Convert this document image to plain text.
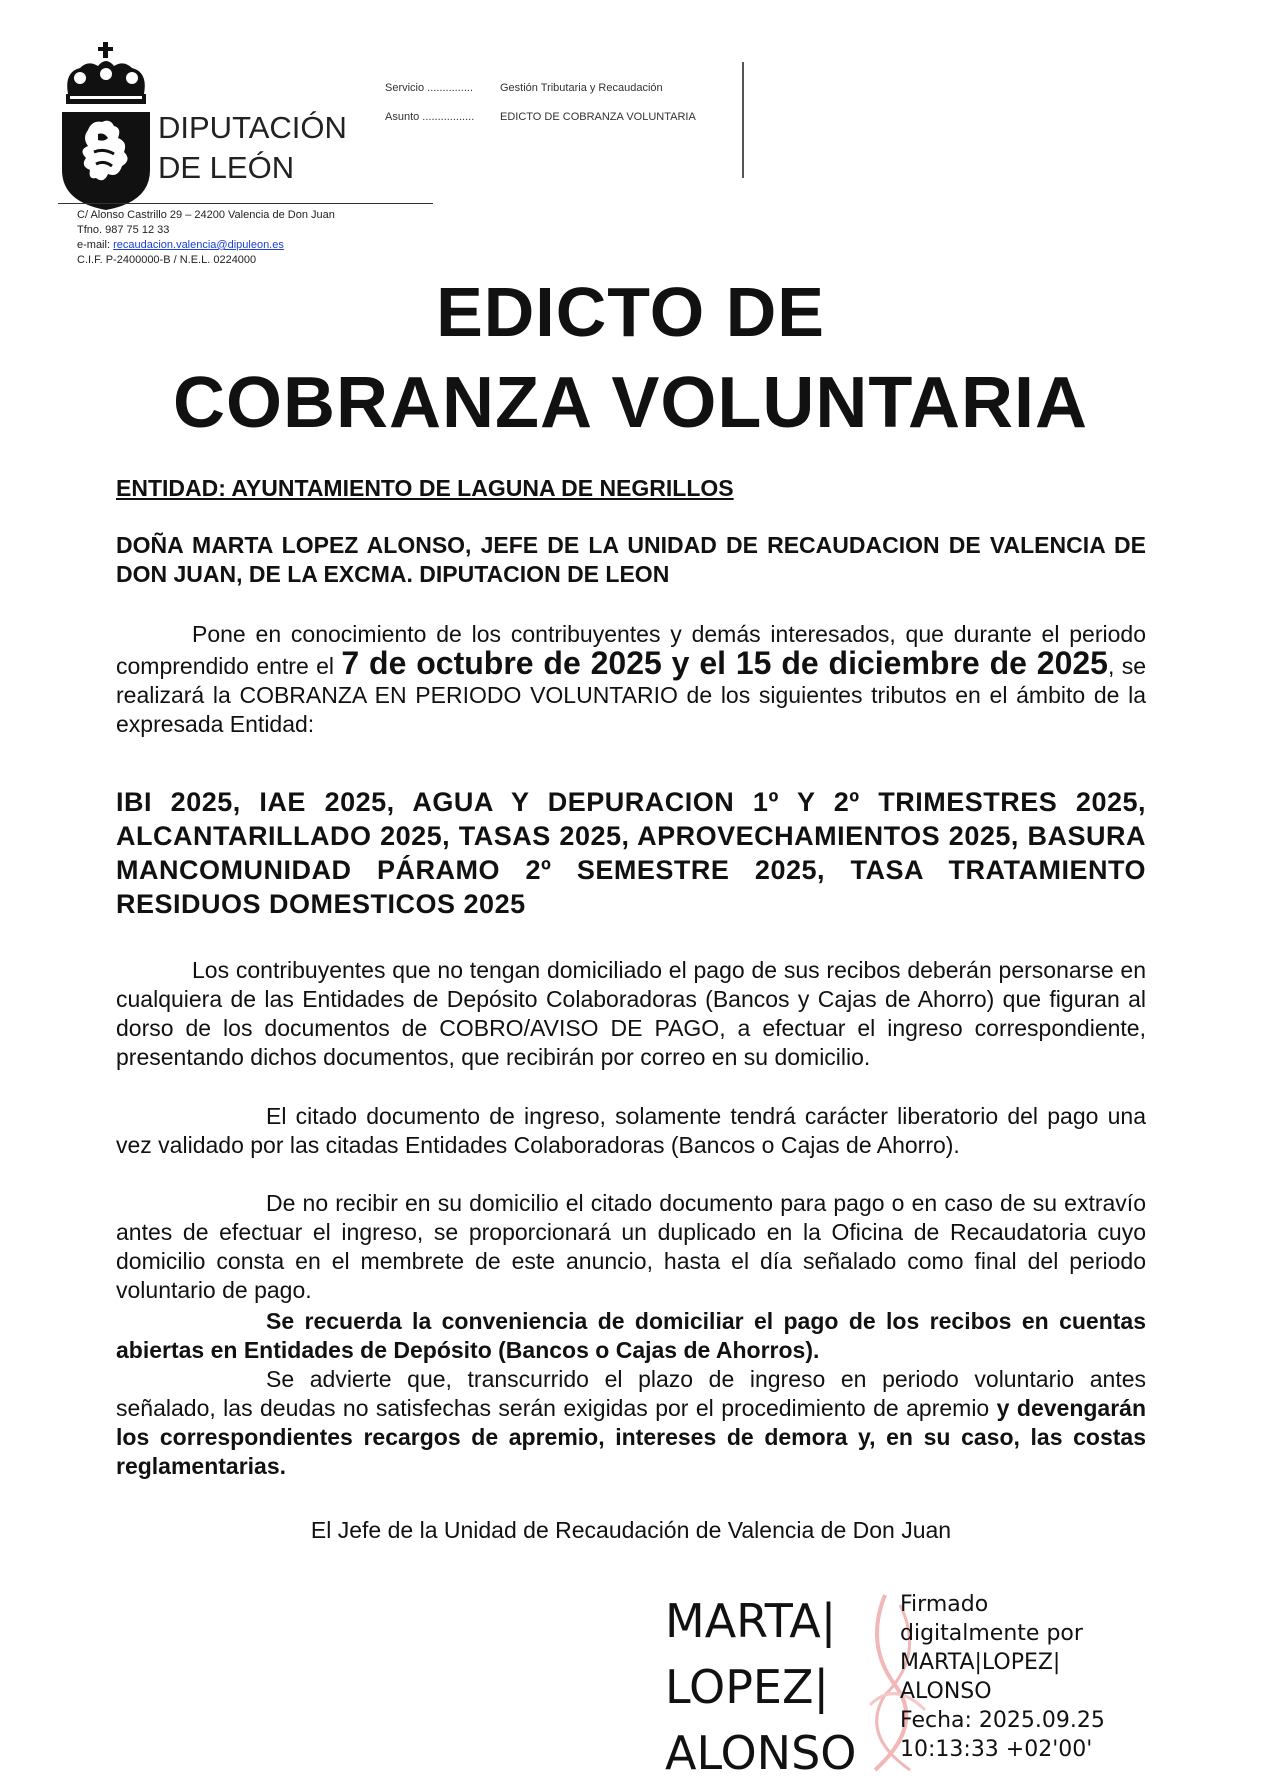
DIPUTACIÓN
DE LEÓN
Servicio ............... Gestión Tributaria y Recaudación
Asunto ................. EDICTO DE COBRANZA VOLUNTARIA
C/ Alonso Castrillo 29 – 24200 Valencia de Don Juan
Tfno. 987 75 12 33
e-mail: recaudacion.valencia@dipuleon.es
C.I.F. P-2400000-B / N.E.L. 0224000
EDICTO DE
COBRANZA VOLUNTARIA
ENTIDAD: AYUNTAMIENTO DE LAGUNA DE NEGRILLOS
DOÑA MARTA LOPEZ ALONSO, JEFE DE LA UNIDAD DE RECAUDACION DE VALENCIA DE DON JUAN, DE LA EXCMA. DIPUTACION DE LEON
Pone en conocimiento de los contribuyentes y demás interesados, que durante el periodo comprendido entre el 7 de octubre de 2025 y el 15 de diciembre de 2025, se realizará la COBRANZA EN PERIODO VOLUNTARIO de los siguientes tributos en el ámbito de la expresada Entidad:
IBI 2025, IAE 2025, AGUA Y DEPURACION 1º Y 2º TRIMESTRES 2025, ALCANTARILLADO 2025, TASAS 2025, APROVECHAMIENTOS 2025, BASURA MANCOMUNIDAD PÁRAMO 2º SEMESTRE 2025, TASA TRATAMIENTO RESIDUOS DOMESTICOS 2025
Los contribuyentes que no tengan domiciliado el pago de sus recibos deberán personarse en cualquiera de las Entidades de Depósito Colaboradoras (Bancos y Cajas de Ahorro) que figuran al dorso de los documentos de COBRO/AVISO DE PAGO, a efectuar el ingreso correspondiente, presentando dichos documentos, que recibirán por correo en su domicilio.
El citado documento de ingreso, solamente tendrá carácter liberatorio del pago una vez validado por las citadas Entidades Colaboradoras (Bancos o Cajas de Ahorro).
De no recibir en su domicilio el citado documento para pago o en caso de su extravío antes de efectuar el ingreso, se proporcionará un duplicado en la Oficina de Recaudatoria cuyo domicilio consta en el membrete de este anuncio, hasta el día señalado como final del periodo voluntario de pago.
Se recuerda la conveniencia de domiciliar el pago de los recibos en cuentas abiertas en Entidades de Depósito (Bancos o Cajas de Ahorros).
Se advierte que, transcurrido el plazo de ingreso en periodo voluntario antes señalado, las deudas no satisfechas serán exigidas por el procedimiento de apremio y devengarán los correspondientes recargos de apremio, intereses de demora y, en su caso, las costas reglamentarias.
El Jefe de la Unidad de Recaudación de Valencia de Don Juan
MARTA|
LOPEZ|
ALONSO
Firmado
digitalmente por
MARTA|LOPEZ|
ALONSO
Fecha: 2025.09.25
10:13:33 +02'00'
